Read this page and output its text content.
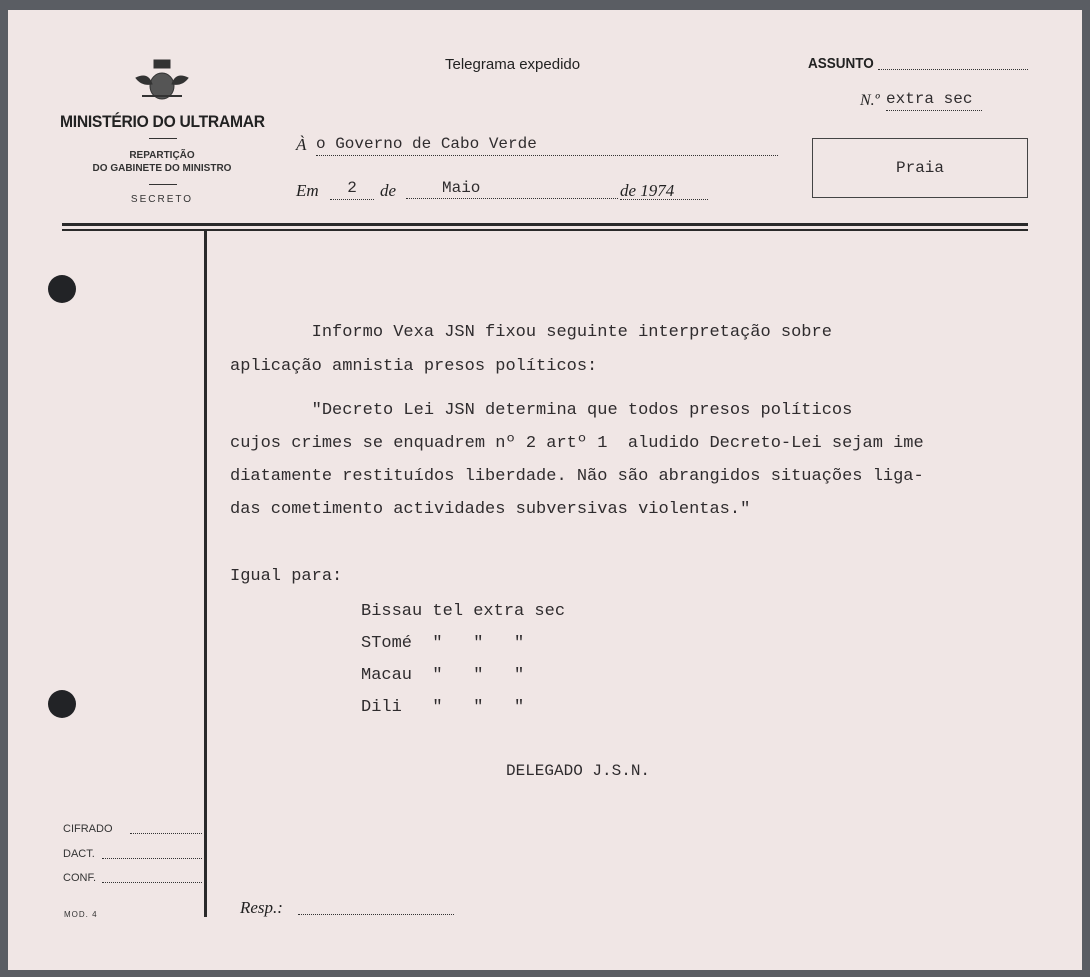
MINISTÉRIO DO ULTRAMAR
REPARTIÇÃO
DO GABINETE DO MINISTRO
SECRETO
Telegrama expedido	ASSUNTO
N.º extra sec
À o Governo de Cabo Verde
Praia
Em	2	de	Maio	de 1974

Informo Vexa JSN fixou seguinte interpretação sobre

aplicação amnistia presos políticos:

"Decreto Lei JSN determina que todos presos políticos

cujos crimes se enquadrem nº 2 artº 1  aludido Decreto-Lei sejam ime

diatamente restituídos liberdade. Não são abrangidos situações liga-

das cometimento actividades subversivas violentas."

Igual para:

Bissau tel extra sec

STomé  "   "   "

Macau  "   "   "

Dili   "   "   "

DELEGADO J.S.N.
CIFRADO
DACT.
CONF.
MOD. 4	Resp.:
